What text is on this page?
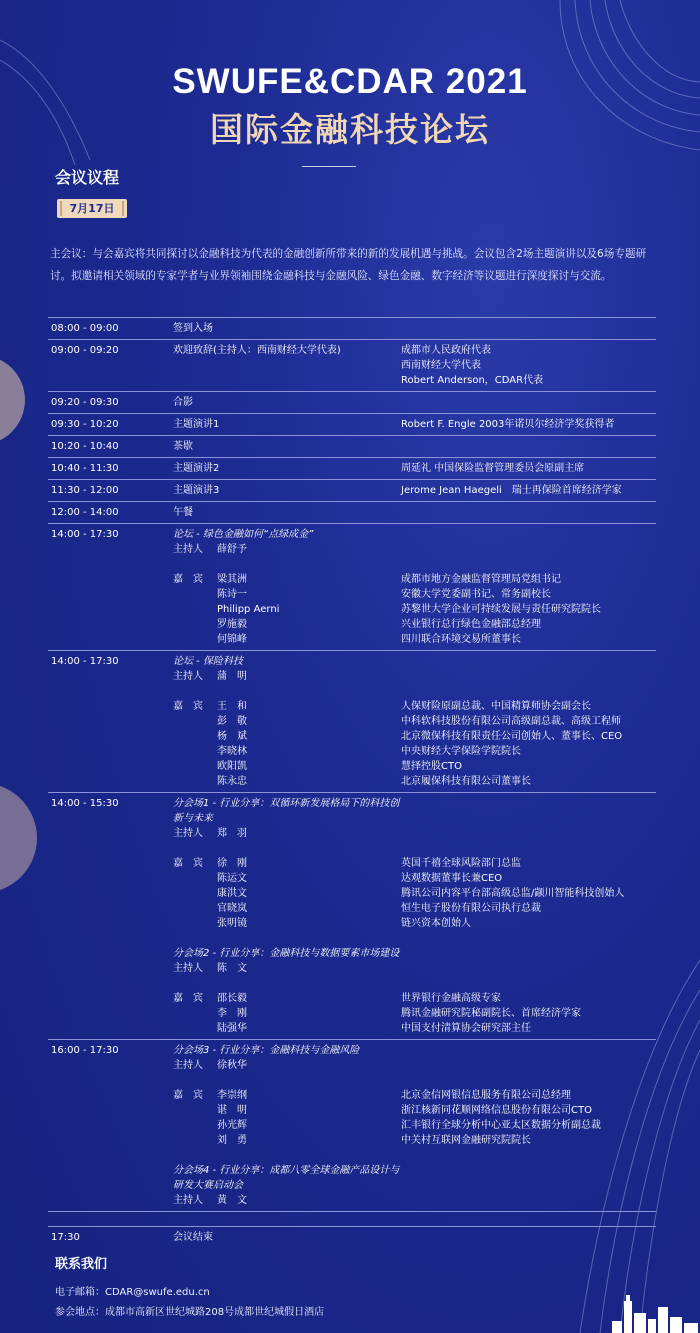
SWUFE&CDAR 2021
国际金融科技论坛
会议议程
7月17日
主会议：与会嘉宾将共同探讨以金融科技为代表的金融创新所带来的新的发展机遇与挑战。会议包含2场主题演讲以及6场专题研讨。拟邀请相关领域的专家学者与业界领袖围绕金融科技与金融风险、绿色金融、数字经济等议题进行深度探讨与交流。
08:00 - 09:00	签到入场
09:00 - 09:20	欢迎致辞(主持人：西南财经大学代表)	成都市人民政府代表
西南财经大学代表
Robert Anderson，CDAR代表
09:20 - 09:30	合影
09:30 - 10:20	主题演讲1	Robert F. Engle 2003年诺贝尔经济学奖获得者
10:20 - 10:40	茶歇
10:40 - 11:30	主题演讲2	周延礼 中国保险监督管理委员会原副主席
11:30 - 12:00	主题演讲3	Jerome Jean Haegeli　瑞士再保险首席经济学家
12:00 - 14:00	午餐
14:00 - 17:30	论坛 - 绿色金融如何“点绿成金”
主持人 薛舒予
嘉　宾 梁其洲	成都市地方金融监督管理局党组书记
陈诗一	安徽大学党委副书记、常务副校长
Philipp Aerni	苏黎世大学企业可持续发展与责任研究院院长
罗施毅	兴业银行总行绿色金融部总经理
何锦峰	四川联合环境交易所董事长
14:00 - 17:30	论坛 - 保险科技
主持人 蒲　明
嘉　宾 王　和	人保财险原副总裁、中国精算师协会副会长
彭　敬	中科软科技股份有限公司高级副总裁、高级工程师
杨　斌	北京微保科技有限责任公司创始人、董事长、CEO
李晓林	中央财经大学保险学院院长
欧阳凯	慧择控股CTO
陈永忠	北京履保科技有限公司董事长
14:00 - 15:30	分会场1 - 行业分享：双循环新发展格局下的科技创新与未来
主持人 郑　羽
嘉　宾 徐　刚	英国千禧全球风险部门总监
陈运文	达观数据董事长兼CEO
康洪文	腾讯公司内容平台部高级总监/颛川智能科技创始人
官晓岚	恒生电子股份有限公司执行总裁
张明镜	链兴资本创始人
分会场2 - 行业分享：金融科技与数据要素市场建设
主持人 陈　文
嘉　宾 邵长毅	世界银行金融高级专家
李　刚	腾讯金融研究院秘副院长、首席经济学家
陆强华	中国支付清算协会研究部主任
16:00 - 17:30	分会场3 - 行业分享：金融科技与金融风险
主持人 徐秋华
嘉　宾 李崇纲	北京金信网银信息服务有限公司总经理
谌　明	浙江核新同花顺网络信息股份有限公司CTO
孙光辉	汇丰银行全球分析中心亚太区数据分析副总裁
刘　勇	中关村互联网金融研究院院长
分会场4 - 行业分享：成都八零全球金融产品设计与研发大赛启动会
主持人 黄　文
17:30	会议结束
联系我们
电子邮箱：CDAR@swufe.edu.cn
参会地点：成都市高新区世纪城路208号成都世纪城假日酒店
